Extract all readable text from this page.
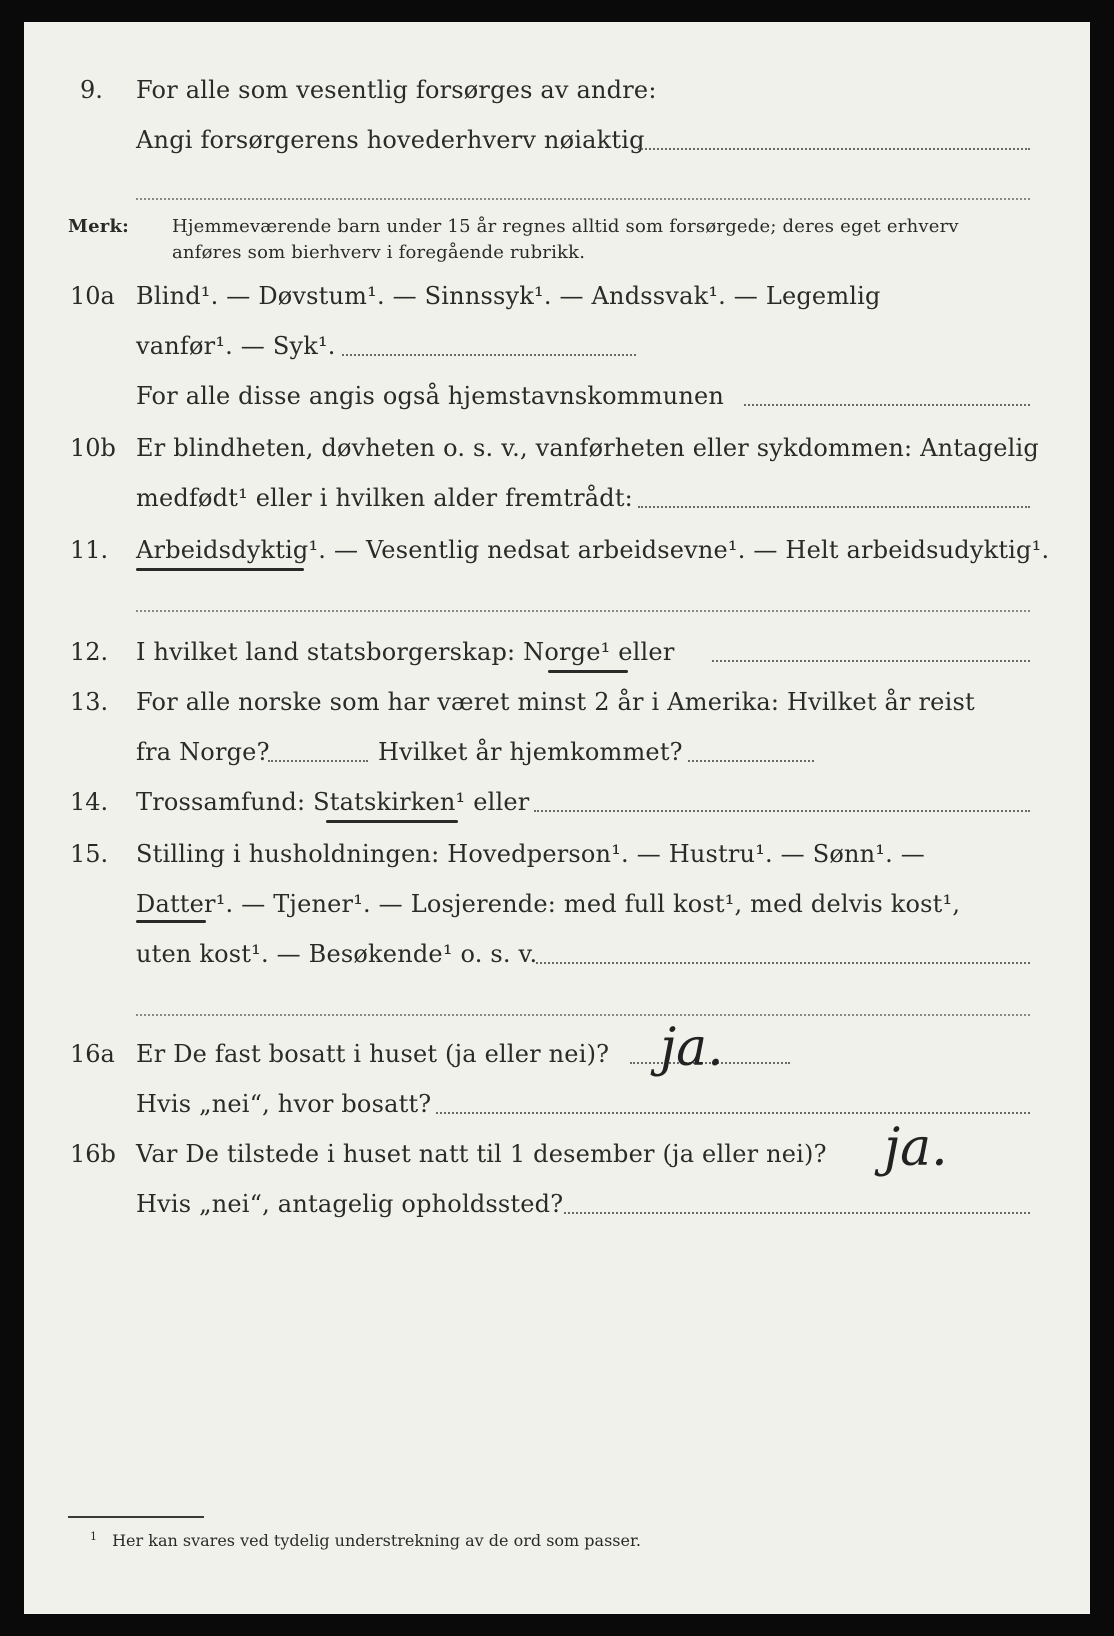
9. For alle som vesentlig forsørges av andre:
Angi forsørgerens hovederhverv nøiaktig
Merk: Hjemmeværende barn under 15 år regnes alltid som forsørgede; deres eget erhverv
anføres som bierhverv i foregående rubrikk.
10a Blind¹. — Døvstum¹. — Sinnssyk¹. — Andssvak¹. — Legemlig
vanfør¹. — Syk¹.
For alle disse angis også hjemstavnskommunen
10b Er blindheten, døvheten o. s. v., vanførheten eller sykdommen: Antagelig
medfødt¹ eller i hvilken alder fremtrådt:
11. Arbeidsdyktig¹. — Vesentlig nedsat arbeidsevne¹. — Helt arbeidsudyktig¹.
12. I hvilket land statsborgerskap: Norge¹ eller
13. For alle norske som har været minst 2 år i Amerika: Hvilket år reist
fra Norge?	Hvilket år hjemkommet?
14. Trossamfund: Statskirken¹ eller
15. Stilling i husholdningen: Hovedperson¹. — Hustru¹. — Sønn¹. —
Datter¹. — Tjener¹. — Losjerende: med full kost¹, med delvis kost¹,
uten kost¹. — Besøkende¹ o. s. v.
16a Er De fast bosatt i huset (ja eller nei)? ja.
Hvis „nei“, hvor bosatt?
16b Var De tilstede i huset natt til 1 desember (ja eller nei)? ja.
Hvis „nei“, antagelig opholdssted?
$^1$ Her kan svares ved tydelig understrekning av de ord som passer.
